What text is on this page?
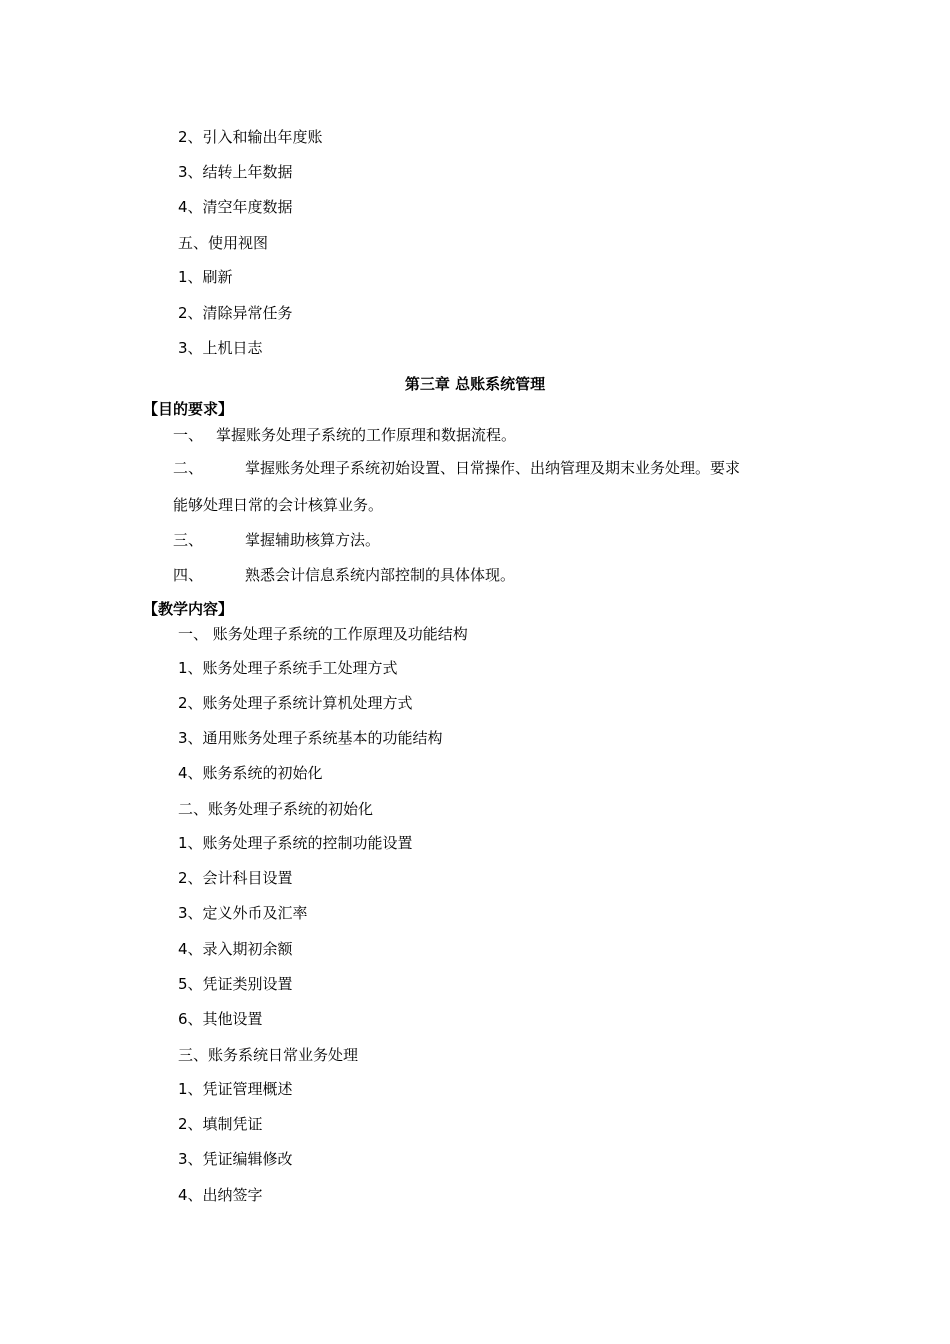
2、引入和输出年度账
3、结转上年数据
4、清空年度数据
五、使用视图
1、刷新
2、清除异常任务
3、上机日志
第三章 总账系统管理
【目的要求】
一、 掌握账务处理子系统的工作原理和数据流程。
二、	掌握账务处理子系统初始设置、日常操作、出纳管理及期末业务处理。要求
能够处理日常的会计核算业务。
三、	掌握辅助核算方法。
四、	熟悉会计信息系统内部控制的具体体现。
【教学内容】
一、 账务处理子系统的工作原理及功能结构
1、账务处理子系统手工处理方式
2、账务处理子系统计算机处理方式
3、通用账务处理子系统基本的功能结构
4、账务系统的初始化
二、账务处理子系统的初始化
1、账务处理子系统的控制功能设置
2、会计科目设置
3、定义外币及汇率
4、录入期初余额
5、凭证类别设置
6、其他设置
三、账务系统日常业务处理
1、凭证管理概述
2、填制凭证
3、凭证编辑修改
4、出纳签字
